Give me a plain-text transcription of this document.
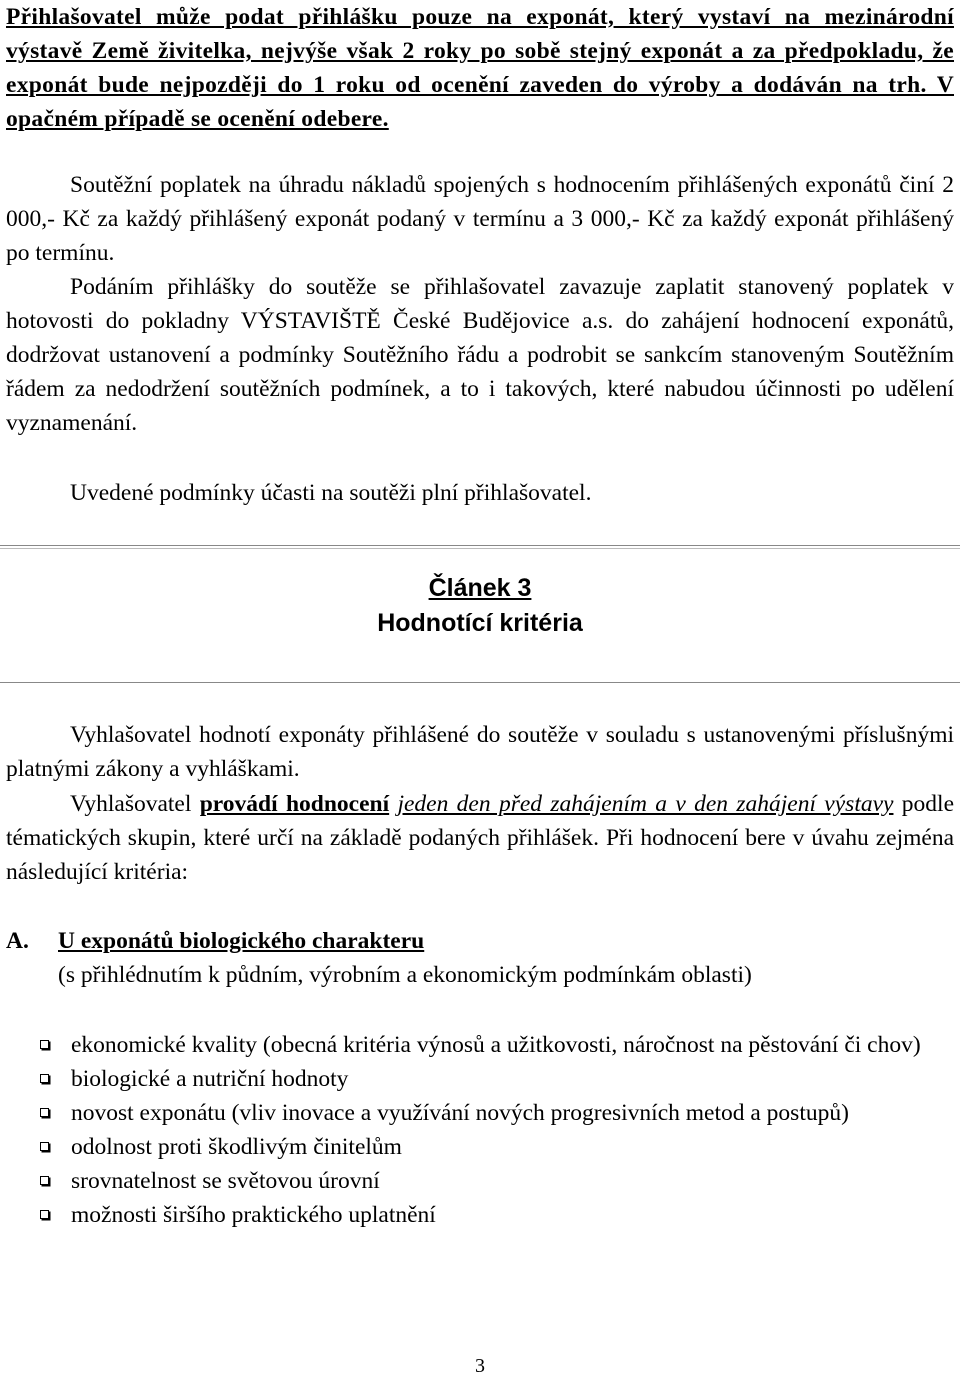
Přihlašovatel může podat přihlášku pouze na exponát, který vystaví na mezinárodní výstavě Země živitelka, nejvýše však 2 roky po sobě stejný exponát a za předpokladu, že exponát bude nejpozději do 1 roku od ocenění zaveden do výroby a dodáván na trh. V opačném případě se ocenění odebere.

Soutěžní poplatek na úhradu nákladů spojených s hodnocením přihlášených exponátů činí 2 000,- Kč za každý přihlášený exponát podaný v termínu a 3 000,- Kč za každý exponát přihlášený po termínu.

Podáním přihlášky do soutěže se přihlašovatel zavazuje zaplatit stanovený poplatek v hotovosti do pokladny VÝSTAVIŠTĚ České Budějovice a.s. do zahájení hodnocení exponátů, dodržovat ustanovení a podmínky Soutěžního řádu a podrobit se sankcím stanoveným Soutěžním řádem za nedodržení soutěžních podmínek, a to i takových, které nabudou účinnosti po udělení vyznamenání.

Uvedené podmínky účasti na soutěži plní přihlašovatel.

Článek 3
Hodnotící kritéria

Vyhlašovatel hodnotí exponáty přihlášené do soutěže v souladu s ustanovenými příslušnými platnými zákony a vyhláškami.

Vyhlašovatel provádí hodnocení jeden den před zahájením a v den zahájení výstavy podle tématických skupin, které určí na základě podaných přihlášek. Při hodnocení bere v úvahu zejména následující kritéria:

A. U exponátů biologického charakteru
(s přihlédnutím k půdním, výrobním a ekonomickým podmínkám oblasti)
ekonomické kvality (obecná kritéria výnosů a užitkovosti, náročnost na pěstování či chov)
biologické a nutriční hodnoty
novost exponátu (vliv inovace a využívání nových progresivních metod a postupů)
odolnost proti škodlivým činitelům
srovnatelnost se světovou úrovní
možnosti širšího praktického uplatnění
3
